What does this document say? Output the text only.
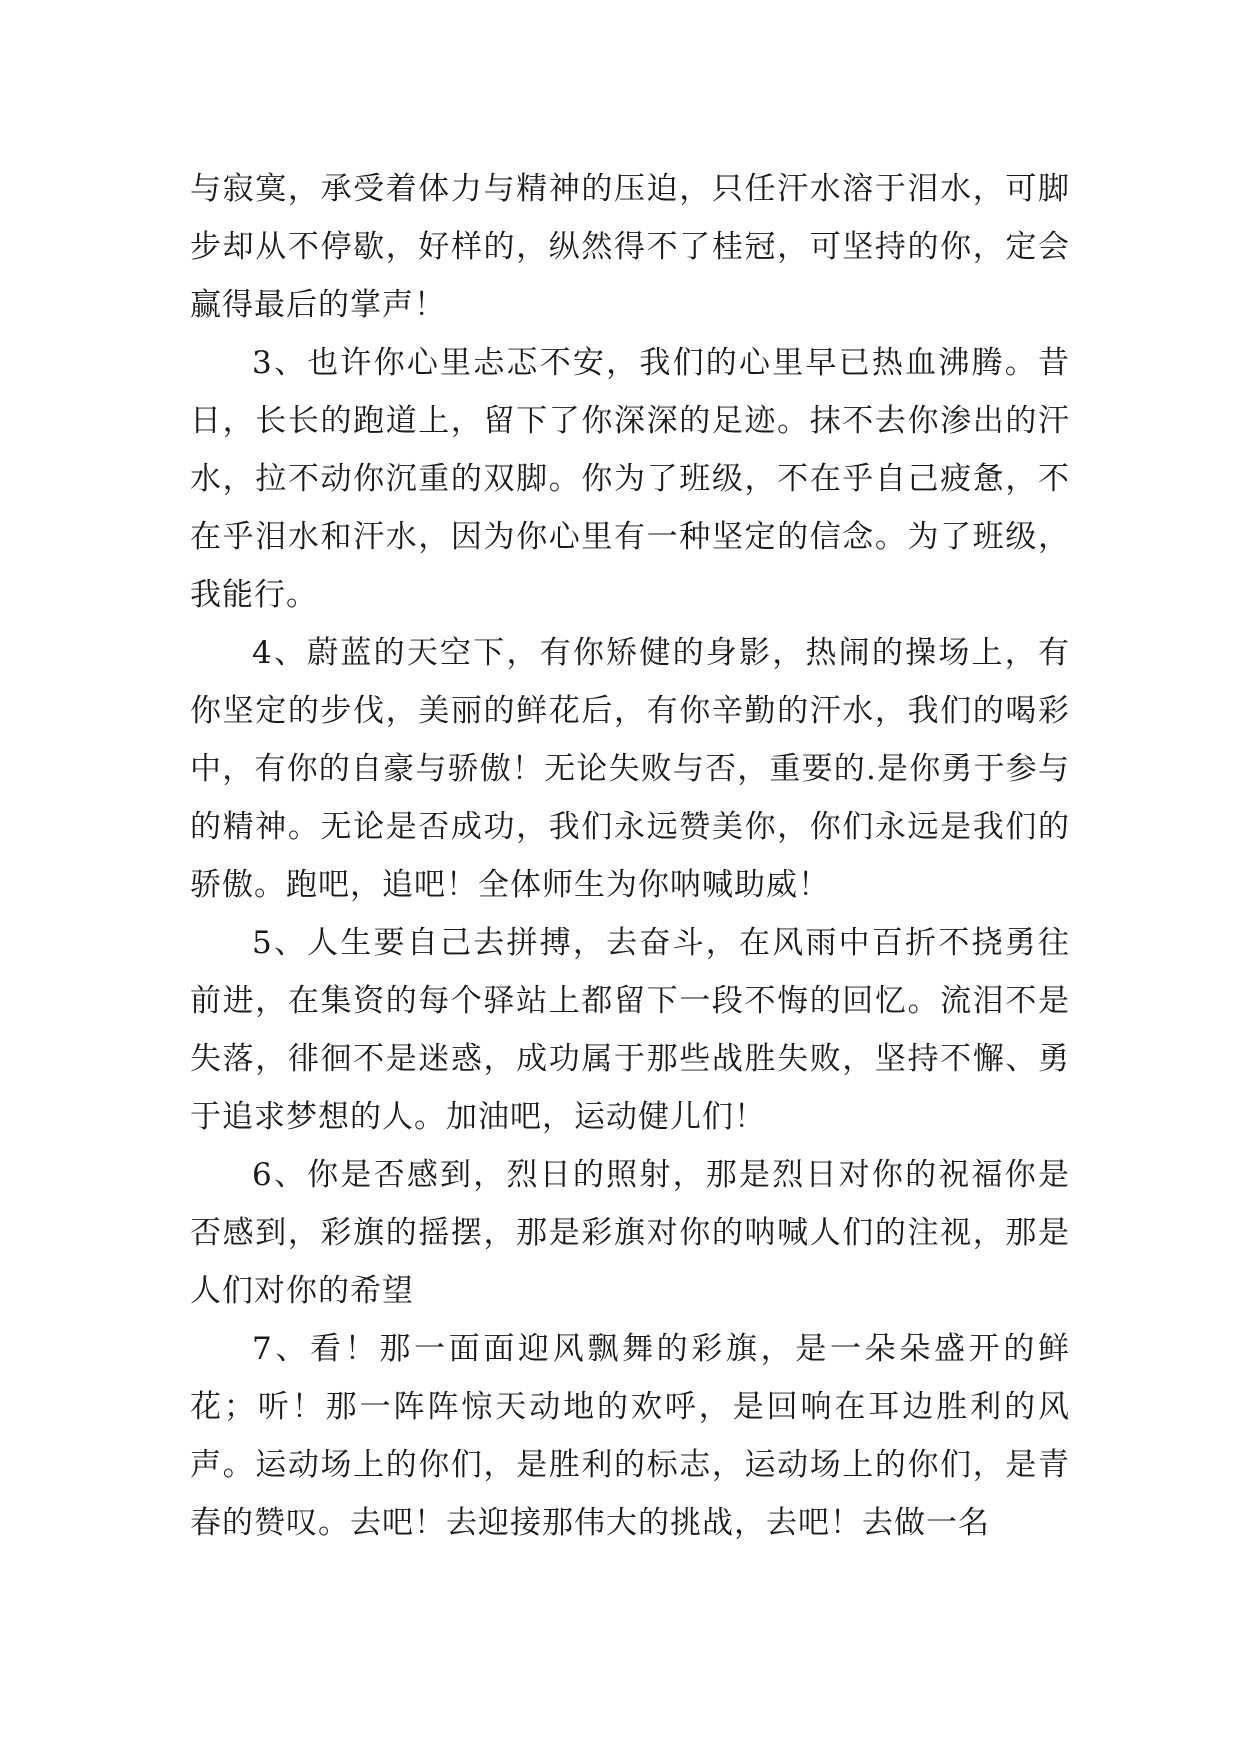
与寂寞，承受着体力与精神的压迫，只任汗水溶于泪水，可脚步却从不停歇，好样的，纵然得不了桂冠，可坚持的你，定会赢得最后的掌声！

3、也许你心里忐忑不安，我们的心里早已热血沸腾。昔日，长长的跑道上，留下了你深深的足迹。抹不去你渗出的汗水，拉不动你沉重的双脚。你为了班级，不在乎自己疲惫，不在乎泪水和汗水，因为你心里有一种坚定的信念。为了班级，我能行。

4、蔚蓝的天空下，有你矫健的身影，热闹的操场上，有你坚定的步伐，美丽的鲜花后，有你辛勤的汗水，我们的喝彩中，有你的自豪与骄傲！无论失败与否，重要的.是你勇于参与的精神。无论是否成功，我们永远赞美你，你们永远是我们的骄傲。跑吧，追吧！全体师生为你呐喊助威！

5、人生要自己去拼搏，去奋斗，在风雨中百折不挠勇往前进，在集资的每个驿站上都留下一段不悔的回忆。流泪不是失落，徘徊不是迷惑，成功属于那些战胜失败，坚持不懈、勇于追求梦想的人。加油吧，运动健儿们！

6、你是否感到，烈日的照射，那是烈日对你的祝福你是否感到，彩旗的摇摆，那是彩旗对你的呐喊人们的注视，那是人们对你的希望

7、看！那一面面迎风飘舞的彩旗，是一朵朵盛开的鲜花；听！那一阵阵惊天动地的欢呼，是回响在耳边胜利的风声。运动场上的你们，是胜利的标志，运动场上的你们，是青春的赞叹。去吧！去迎接那伟大的挑战，去吧！去做一名
